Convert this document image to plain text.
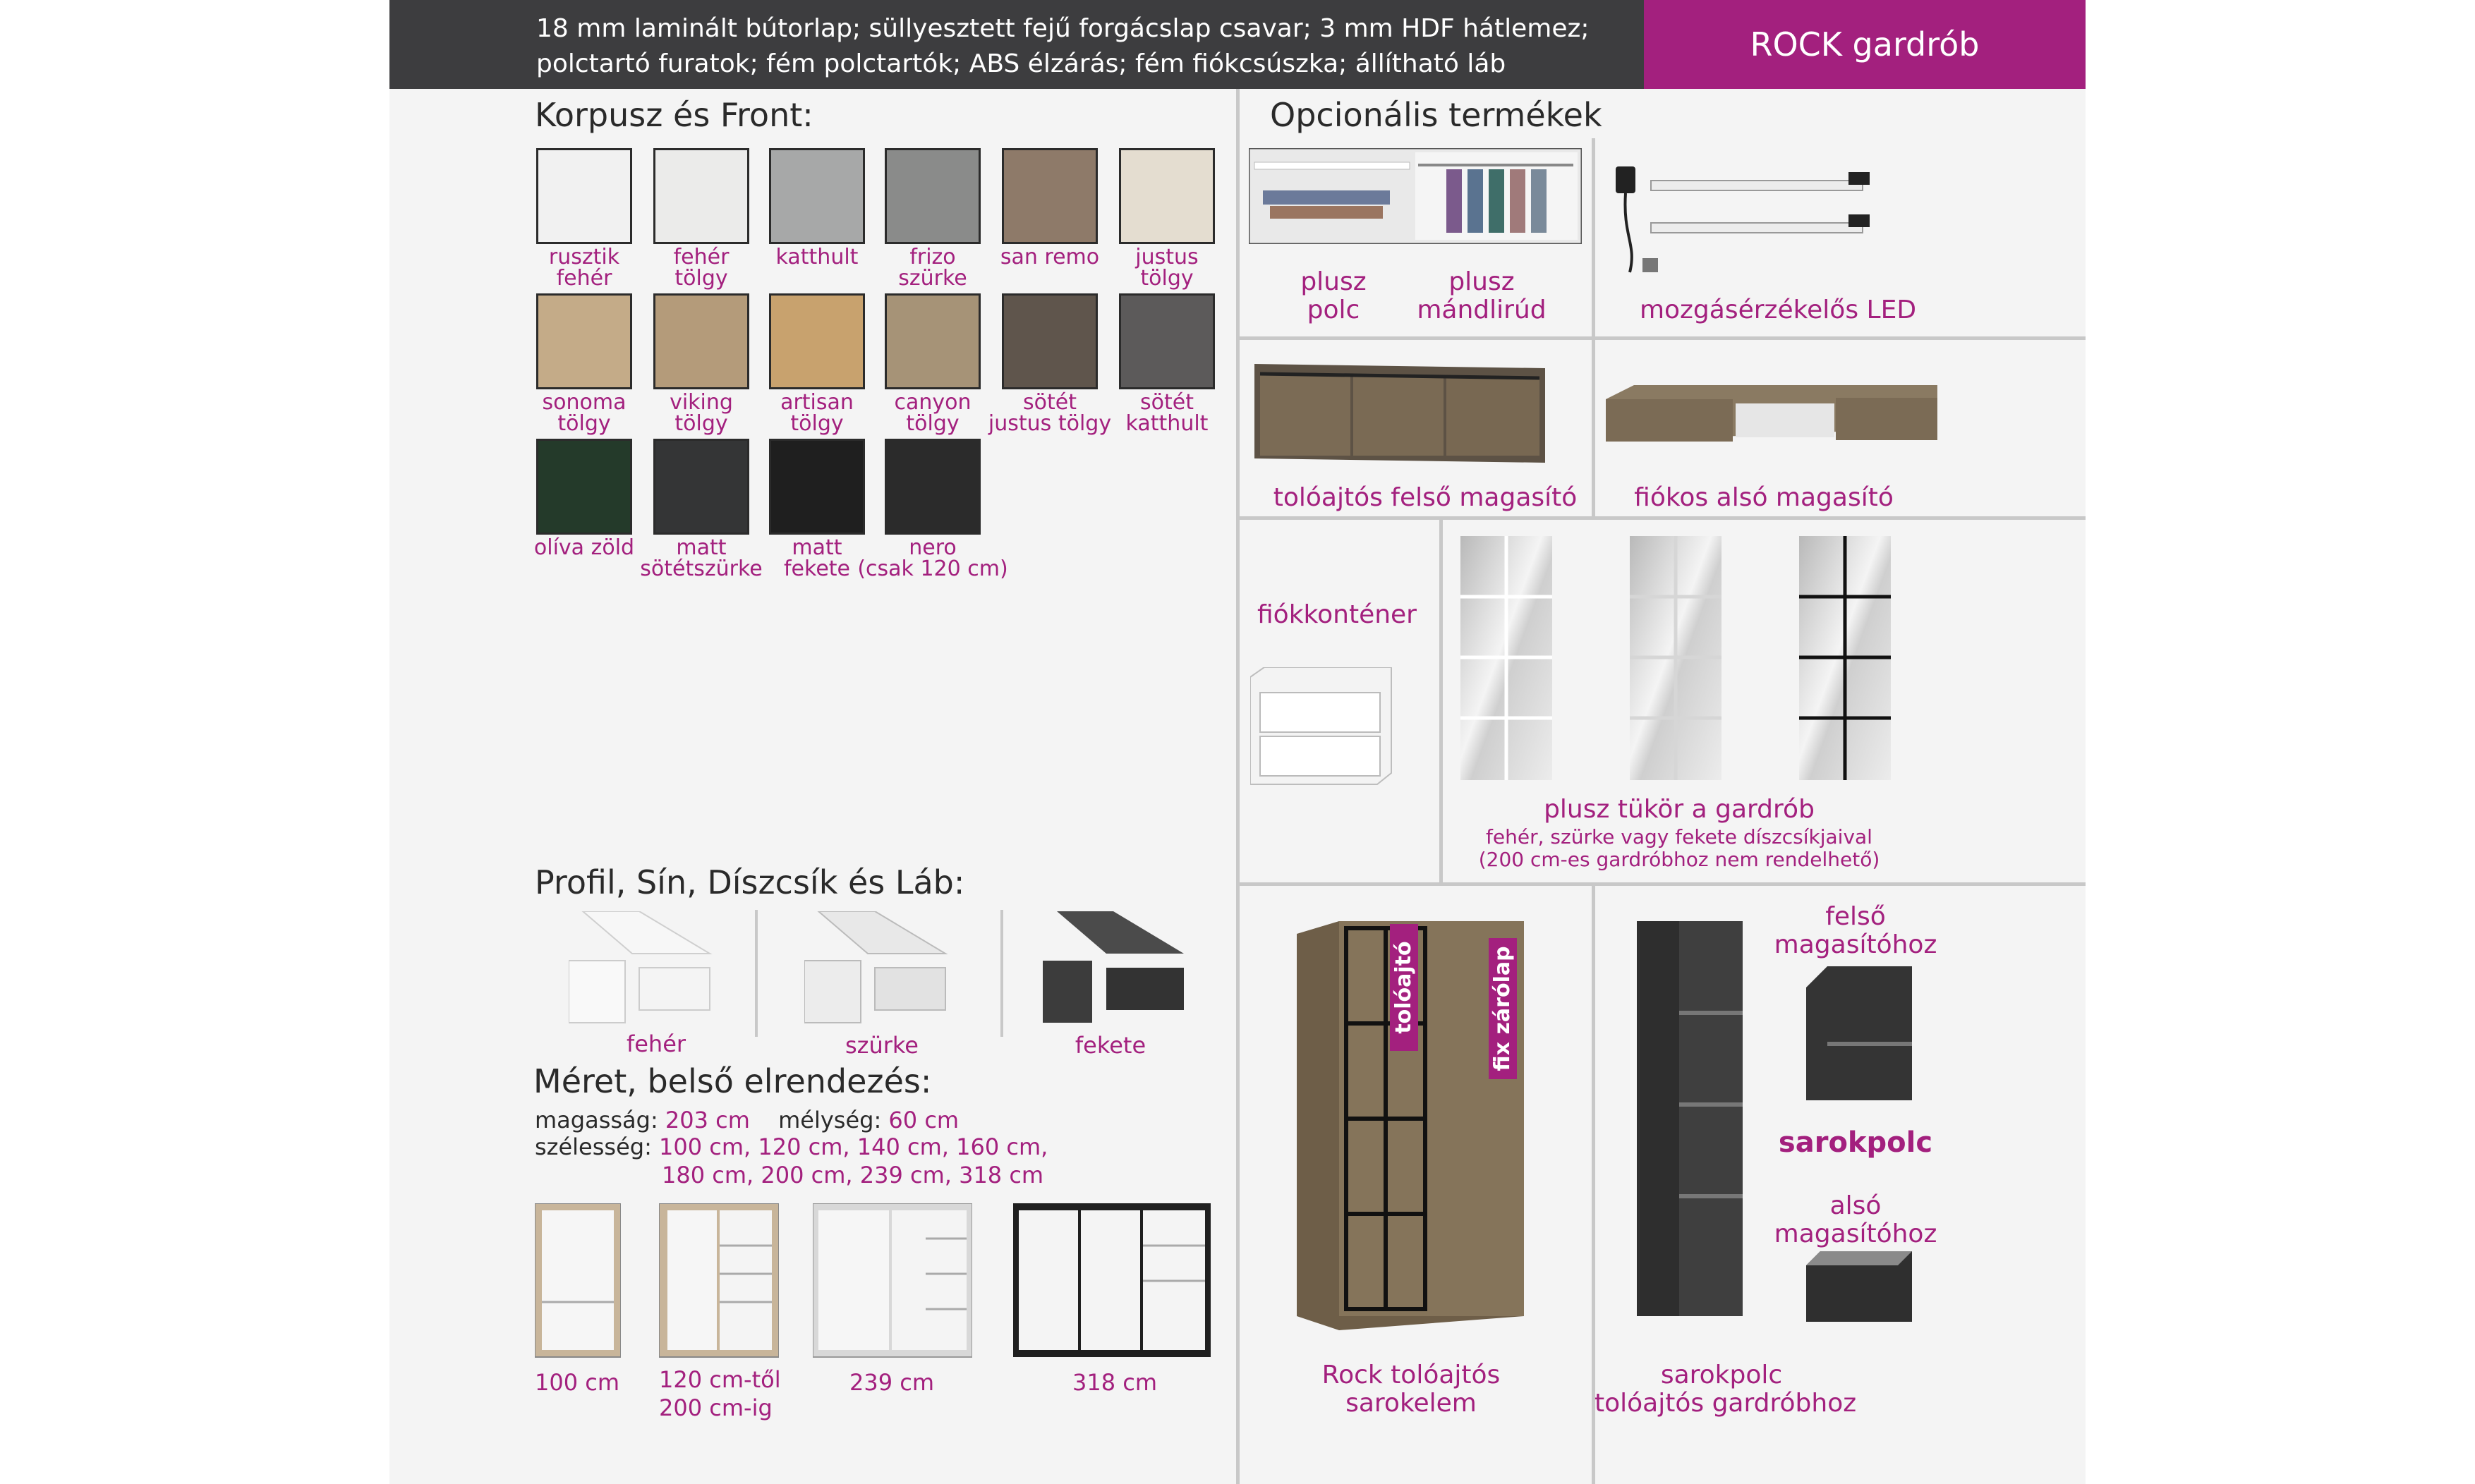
18 mm laminált bútorlap; süllyesztett fejű forgácslap csavar; 3 mm HDF hátlemez;
polctartó furatok; fém polctartók; ABS élzárás; fém fiókcsúszka; állítható láb
ROCK gardrób
Korpusz és Front:
rusztik
fehér
fehér
tölgy
katthult	frizo
szürke
san remo	justus
tölgy
sonoma
tölgy
viking
tölgy
artisan
tölgy
canyon
tölgy
sötét
justus tölgy
sötét
katthult
olíva zöld	matt
sötétszürke
matt
fekete
nero
(csak 120 cm)
Opcionális termékek
plusz
polc
plusz
mándlirúd	mozgásérzékelős LED
tolóajtós felső magasító	fiókos alsó magasító
fiókkonténer
plusz tükör a gardrób
fehér, szürke vagy fekete díszcsíkjaival
(200 cm-es gardróbhoz nem rendelhető)
tolóajtó	fix zárólap
Rock tolóajtós
sarokelem
felső
magasítóhoz
sarokpolc
alsó
magasítóhoz
sarokpolc
tolóajtós gardróbhoz
Profil, Sín, Díszcsík és Láb:
fehér	szürke	fekete
Méret, belső elrendezés:
magasság: 203 cm mélység: 60 cm
szélesség: 100 cm, 120 cm, 140 cm, 160 cm,
180 cm, 200 cm, 239 cm, 318 cm
100 cm 120 cm-től
200 cm-ig
239 cm	318 cm
